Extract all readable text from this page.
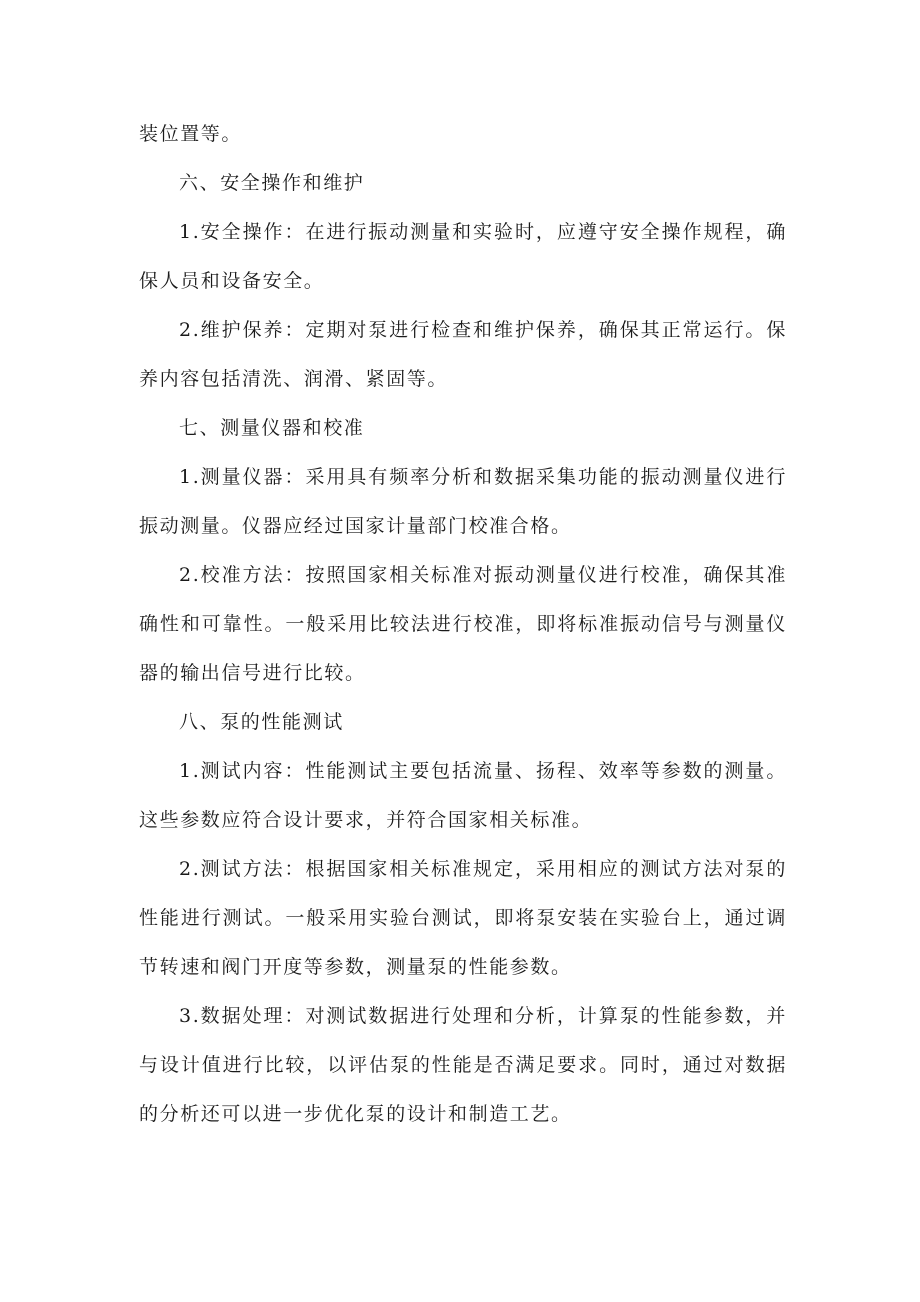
装位置等。

六、安全操作和维护

1.安全操作：在进行振动测量和实验时，应遵守安全操作规程，确保人员和设备安全。

2.维护保养：定期对泵进行检查和维护保养，确保其正常运行。保养内容包括清洗、润滑、紧固等。

七、测量仪器和校准

1.测量仪器：采用具有频率分析和数据采集功能的振动测量仪进行振动测量。仪器应经过国家计量部门校准合格。

2.校准方法：按照国家相关标准对振动测量仪进行校准，确保其准确性和可靠性。一般采用比较法进行校准，即将标准振动信号与测量仪器的输出信号进行比较。

八、泵的性能测试

1.测试内容：性能测试主要包括流量、扬程、效率等参数的测量。这些参数应符合设计要求，并符合国家相关标准。

2.测试方法：根据国家相关标准规定，采用相应的测试方法对泵的性能进行测试。一般采用实验台测试，即将泵安装在实验台上，通过调节转速和阀门开度等参数，测量泵的性能参数。

3.数据处理：对测试数据进行处理和分析，计算泵的性能参数，并与设计值进行比较，以评估泵的性能是否满足要求。同时，通过对数据的分析还可以进一步优化泵的设计和制造工艺。
